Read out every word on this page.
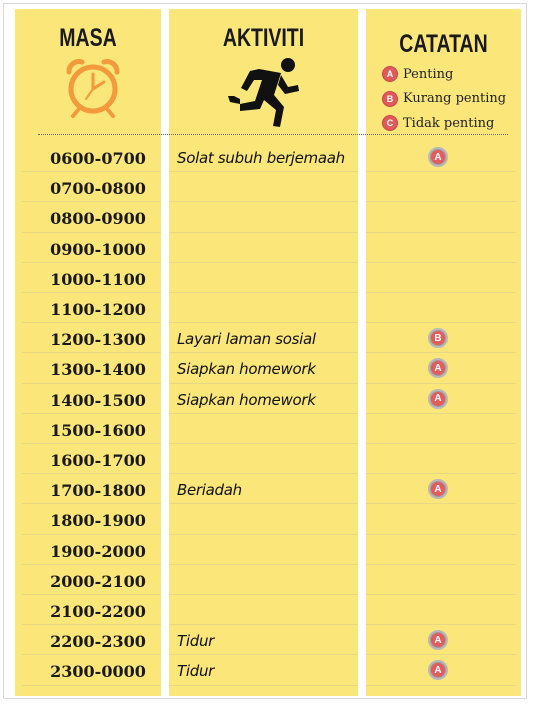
MASA	AKTIVITI	CATATAN
A Penting
B Kurang penting
C Tidak penting
0600-0700	Solat subuh berjemaah	A
0700-0800
0800-0900
0900-1000
1000-1100
1100-1200
1200-1300	Layari laman sosial	B
1300-1400	Siapkan homework	A
1400-1500	Siapkan homework	A
1500-1600
1600-1700
1700-1800	Beriadah	A
1800-1900
1900-2000
2000-2100
2100-2200
2200-2300	Tidur	A
2300-0000	Tidur	A
